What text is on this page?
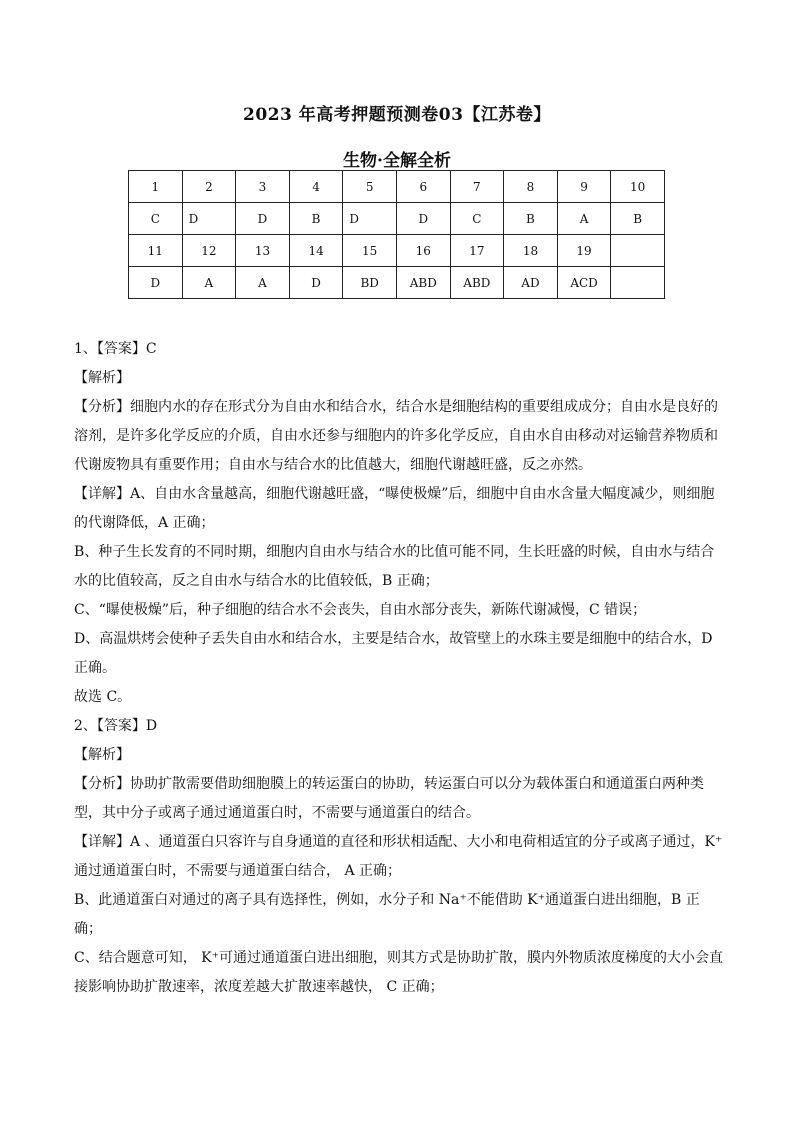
2023 年高考押题预测卷03【江苏卷】
生物·全解全析
1	2	3	4	5	6	7	8	9	10
C	D	D	B	D	D	C	B	A	B
11	12	13	14	15	16	17	18	19	
D	A	A	D	BD	ABD	ABD	AD	ACD	

1、【答案】C

【解析】

【分析】细胞内水的存在形式分为自由水和结合水，结合水是细胞结构的重要组成成分；自由水是良好的溶剂，是许多化学反应的介质，自由水还参与细胞内的许多化学反应，自由水自由移动对运输营养物质和代谢废物具有重要作用；自由水与结合水的比值越大，细胞代谢越旺盛，反之亦然。

【详解】A、自由水含量越高，细胞代谢越旺盛，“曝使极燥”后，细胞中自由水含量大幅度减少，则细胞的代谢降低，A 正确；

B、种子生长发育的不同时期，细胞内自由水与结合水的比值可能不同，生长旺盛的时候，自由水与结合水的比值较高，反之自由水与结合水的比值较低，B 正确；

C、“曝使极燥”后，种子细胞的结合水不会丧失，自由水部分丧失，新陈代谢减慢，C 错误；

D、高温烘烤会使种子丢失自由水和结合水，主要是结合水，故管壁上的水珠主要是细胞中的结合水，D 正确。

故选 C。

2、【答案】D

【解析】

【分析】协助扩散需要借助细胞膜上的转运蛋白的协助，转运蛋白可以分为载体蛋白和通道蛋白两种类型，其中分子或离子通过通道蛋白时，不需要与通道蛋白的结合。

【详解】A 、通道蛋白只容许与自身通道的直径和形状相适配、大小和电荷相适宜的分子或离子通过，K⁺通过通道蛋白时，不需要与通道蛋白结合， A 正确；

B、此通道蛋白对通过的离子具有选择性，例如，水分子和 Na⁺不能借助 K⁺通道蛋白进出细胞，B 正确；

C、结合题意可知， K⁺可通过通道蛋白进出细胞，则其方式是协助扩散，膜内外物质浓度梯度的大小会直接影响协助扩散速率，浓度差越大扩散速率越快， C 正确；
